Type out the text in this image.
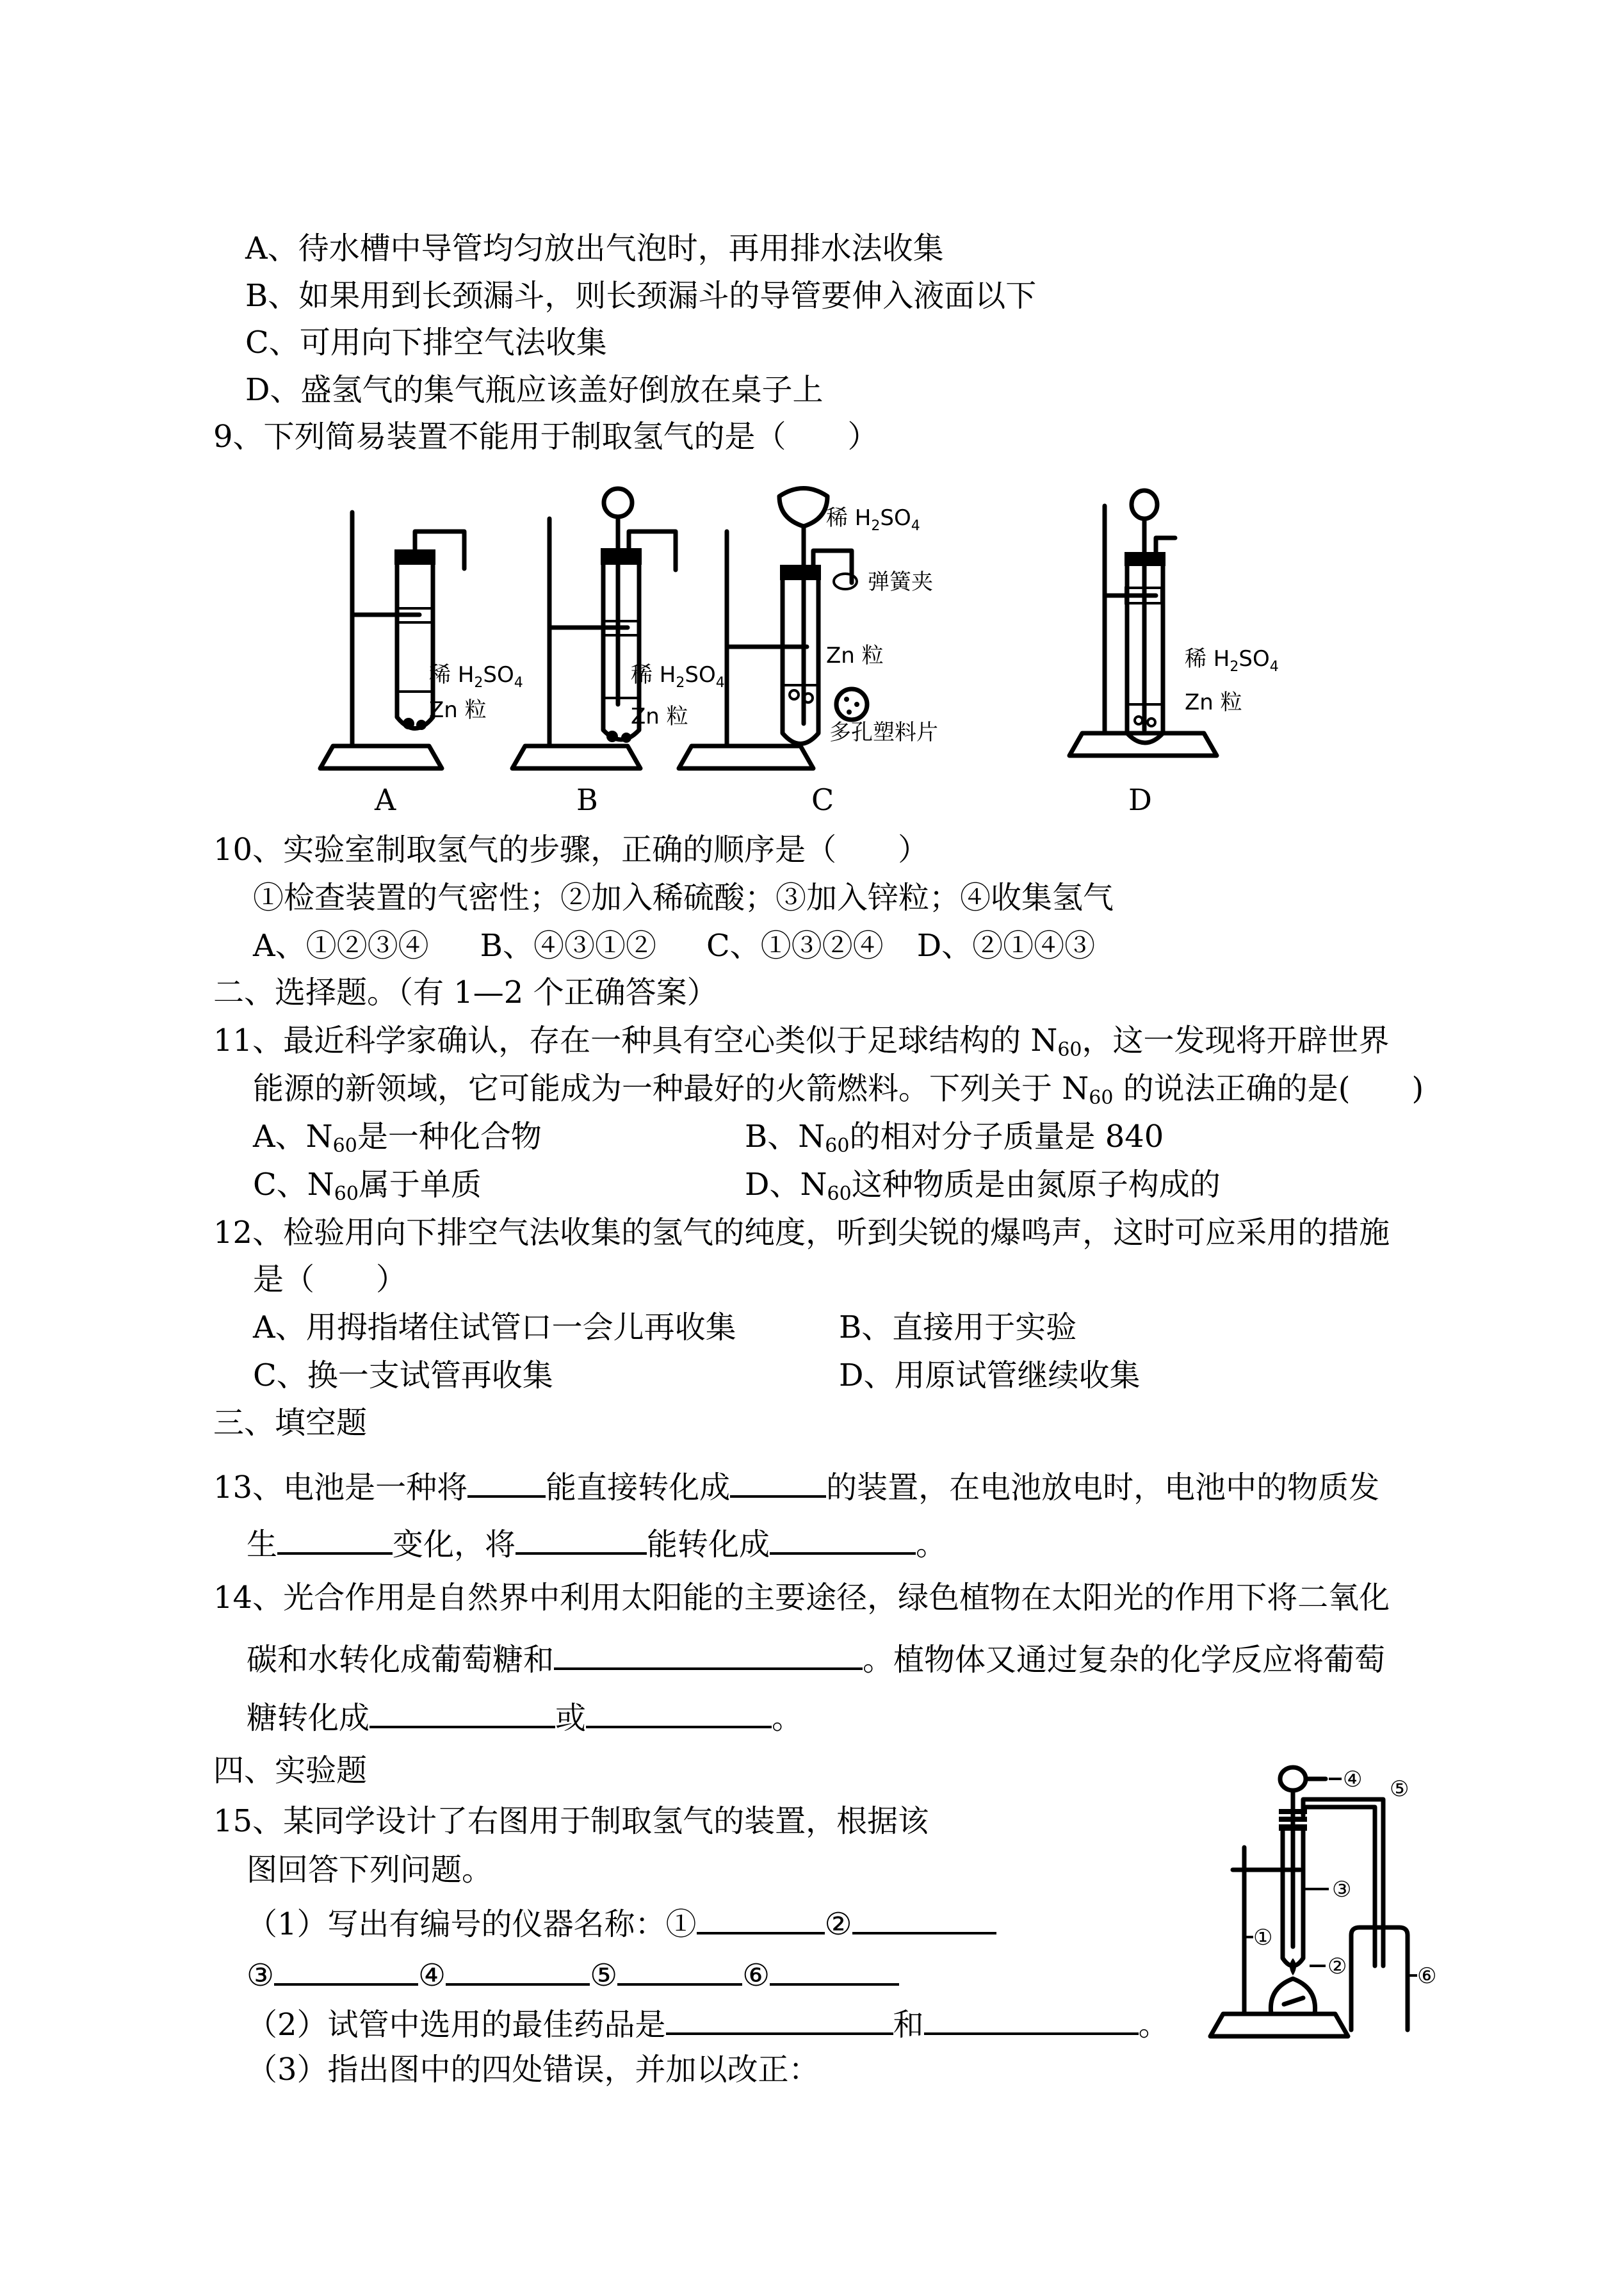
A、待水槽中导管均匀放出气泡时，再用排水法收集
B、如果用到长颈漏斗，则长颈漏斗的导管要伸入液面以下
C、可用向下排空气法收集
D、盛氢气的集气瓶应该盖好倒放在桌子上
9、下列简易装置不能用于制取氢气的是（　　）
稀 $H_2SO_4$
Zn 粒
稀 $H_2SO_4$
Zn 粒
稀 $H_2SO_4$
弹簧夹
Zn 粒
多孔塑料片
稀 $H_2SO_4$
Zn 粒
A	B	C	D
10、实验室制取氢气的步骤，正确的顺序是（　　）
①检查装置的气密性；②加入稀硫酸；③加入锌粒；④收集氢气
A、①②③④ B、④③①② C、①③②④ D、②①④③
二、选择题。（有 1—2 个正确答案）
11、最近科学家确认，存在一种具有空心类似于足球结构的 $N_{60}$，这一发现将开辟世界
能源的新领域，它可能成为一种最好的火箭燃料。下列关于 $N_{60}$ 的说法正确的是(　　)
A、$N_{60}$是一种化合物	B、$N_{60}$的相对分子质量是 840
C、$N_{60}$属于单质	D、$N_{60}$这种物质是由氮原子构成的
12、检验用向下排空气法收集的氢气的纯度，听到尖锐的爆鸣声，这时可应采用的措施
是（　　）
A、用拇指堵住试管口一会儿再收集	B、直接用于实验
C、换一支试管再收集	D、用原试管继续收集
三、填空题
13、电池是一种将	能直接转化成	的装置，在电池放电时，电池中的物质发
生	变化，将	能转化成	。
14、光合作用是自然界中利用太阳能的主要途径，绿色植物在太阳光的作用下将二氧化
碳和水转化成葡萄糖和	。植物体又通过复杂的化学反应将葡萄
糖转化成	或	。
四、实验题
15、某同学设计了右图用于制取氢气的装置，根据该
图回答下列问题。
（1）写出有编号的仪器名称：①	②
③	④	⑤	⑥
（2）试管中选用的最佳药品是	和	。
（3）指出图中的四处错误，并加以改正：
④ ⑤
③
①
②	⑥
